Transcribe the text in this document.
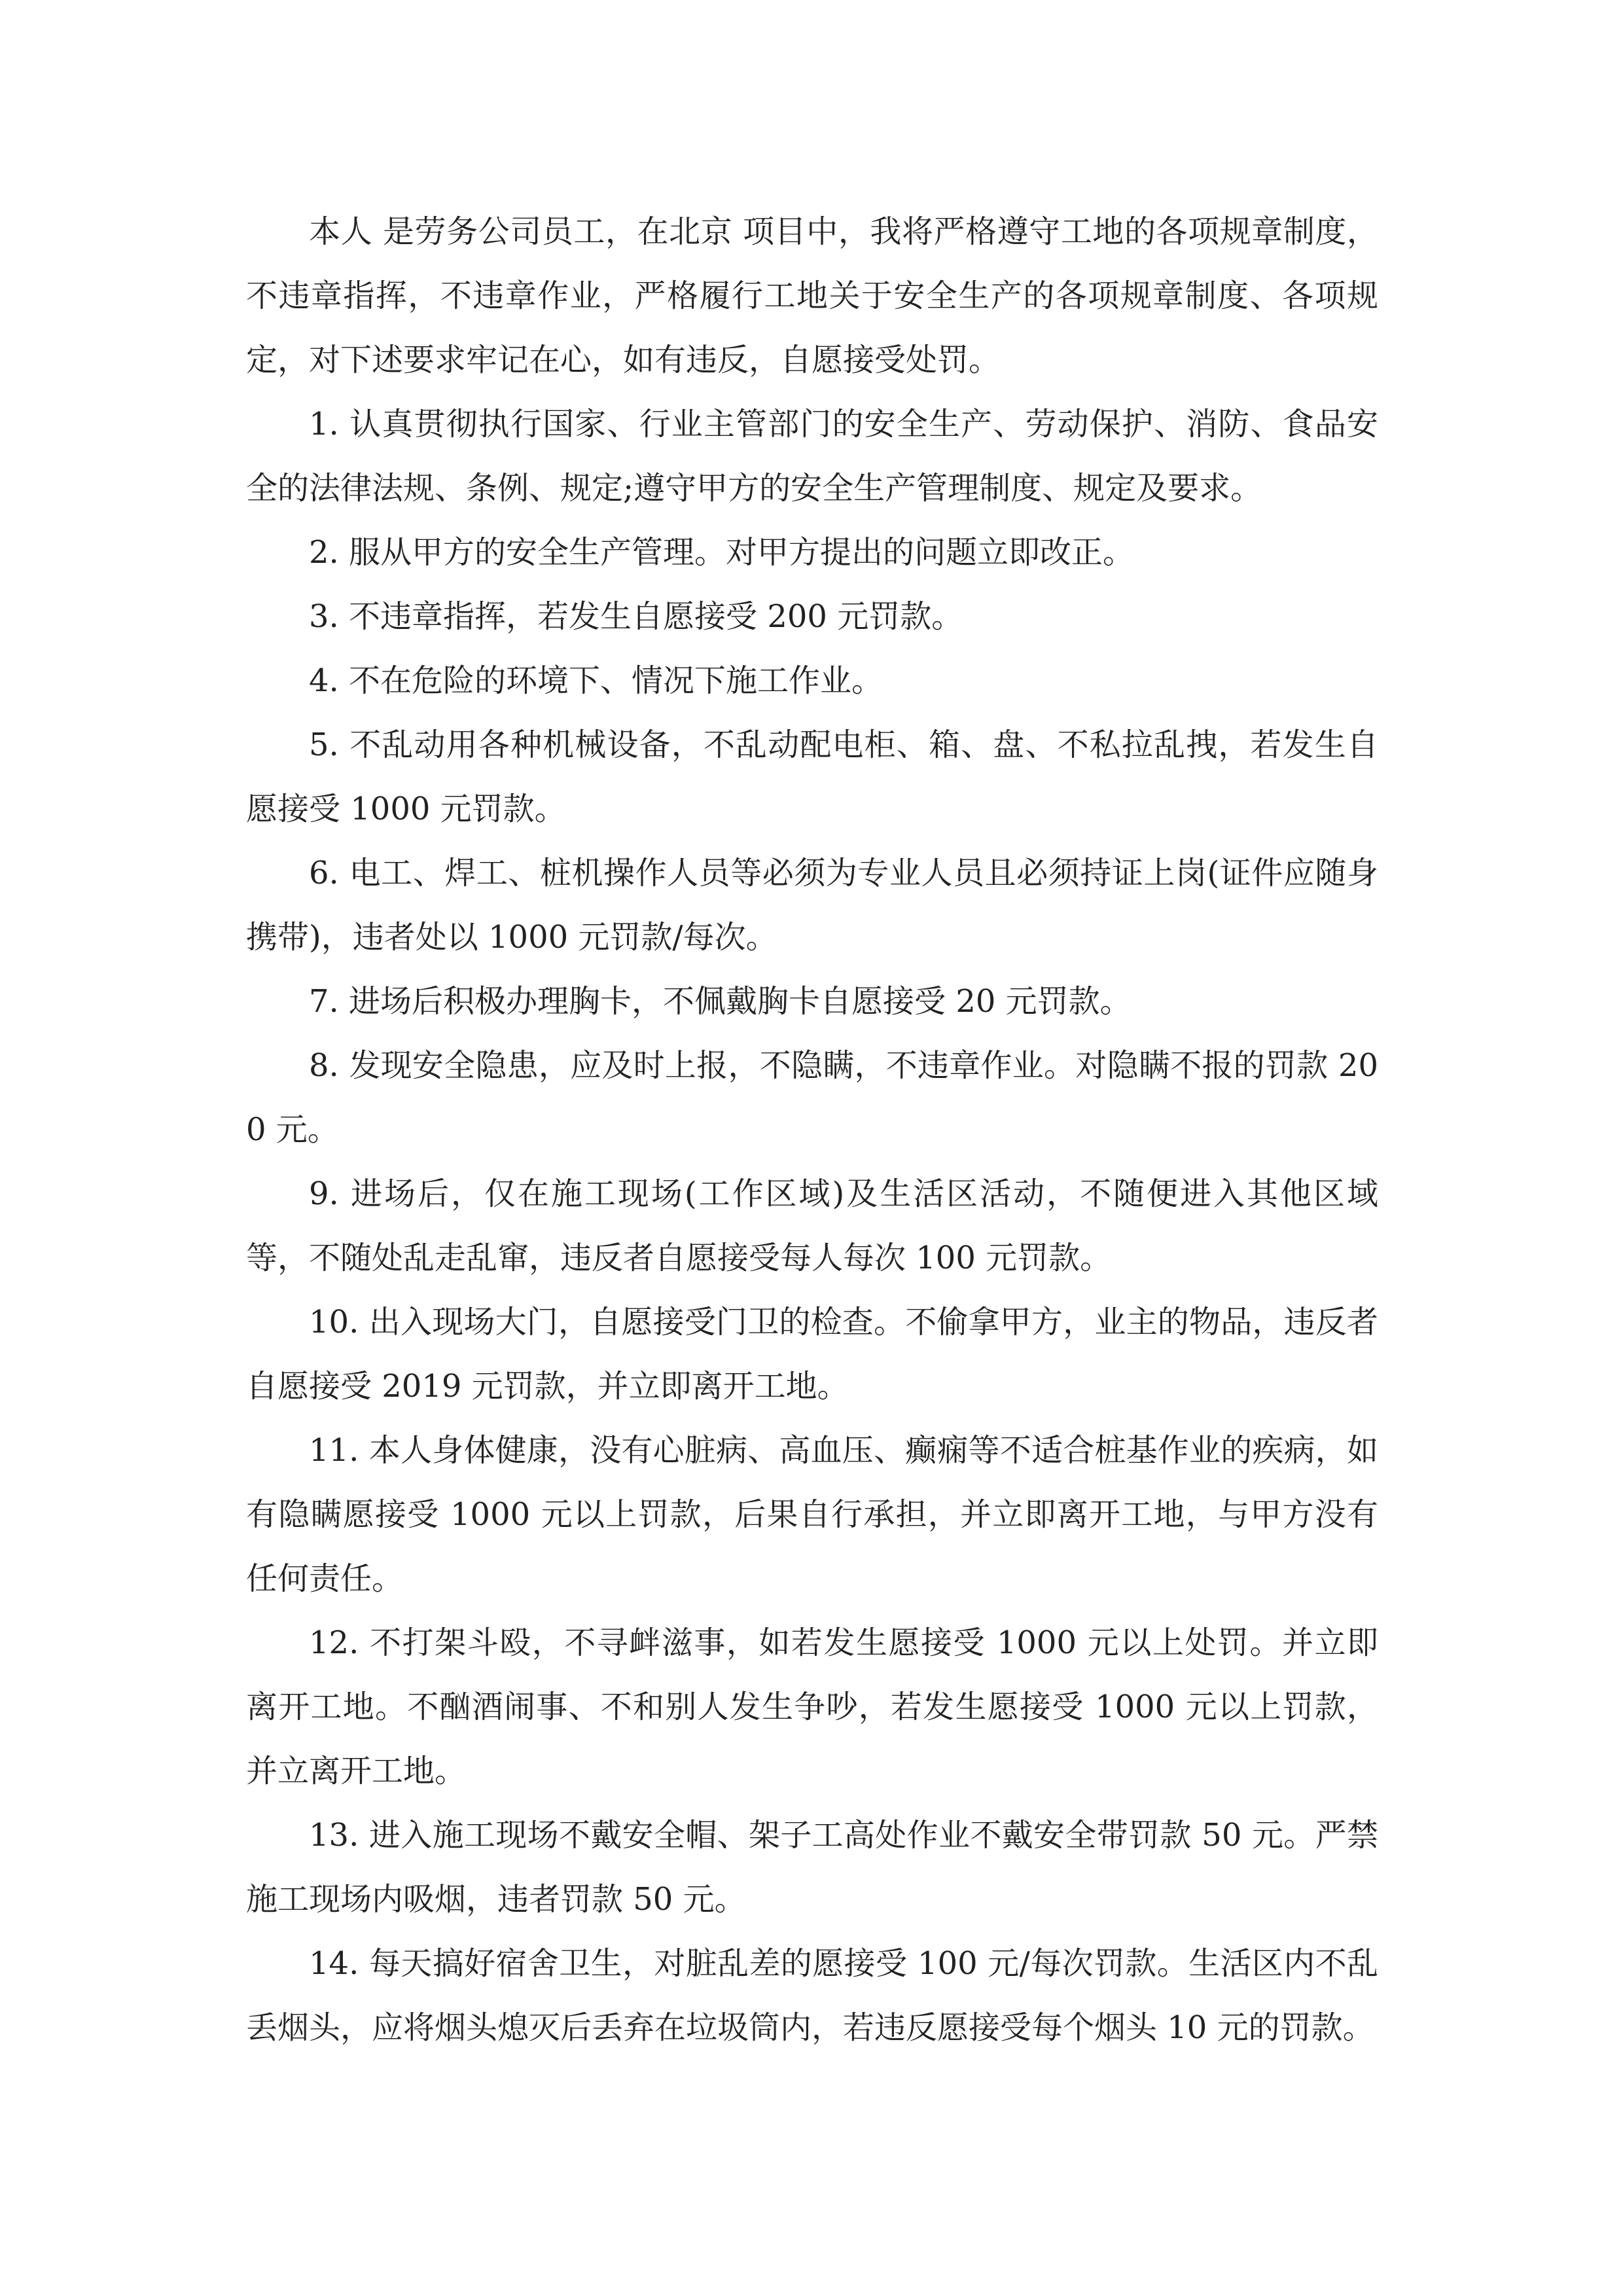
本人 是劳务公司员工，在北京 项目中，我将严格遵守工地的各项规章制度，不违章指挥，不违章作业，严格履行工地关于安全生产的各项规章制度、各项规定，对下述要求牢记在心，如有违反，自愿接受处罚。

1. 认真贯彻执行国家、行业主管部门的安全生产、劳动保护、消防、食品安全的法律法规、条例、规定;遵守甲方的安全生产管理制度、规定及要求。

2. 服从甲方的安全生产管理。对甲方提出的问题立即改正。

3. 不违章指挥，若发生自愿接受 200 元罚款。

4. 不在危险的环境下、情况下施工作业。

5. 不乱动用各种机械设备，不乱动配电柜、箱、盘、不私拉乱拽，若发生自愿接受 1000 元罚款。

6. 电工、焊工、桩机操作人员等必须为专业人员且必须持证上岗(证件应随身携带)，违者处以 1000 元罚款/每次。

7. 进场后积极办理胸卡，不佩戴胸卡自愿接受 20 元罚款。

8. 发现安全隐患，应及时上报，不隐瞒，不违章作业。对隐瞒不报的罚款 200 元。

9. 进场后，仅在施工现场(工作区域)及生活区活动，不随便进入其他区域等，不随处乱走乱窜，违反者自愿接受每人每次 100 元罚款。

10. 出入现场大门，自愿接受门卫的检查。不偷拿甲方，业主的物品，违反者自愿接受 2019 元罚款，并立即离开工地。

11. 本人身体健康，没有心脏病、高血压、癫痫等不适合桩基作业的疾病，如有隐瞒愿接受 1000 元以上罚款，后果自行承担，并立即离开工地，与甲方没有任何责任。

12. 不打架斗殴，不寻衅滋事，如若发生愿接受 1000 元以上处罚。并立即离开工地。不酗酒闹事、不和别人发生争吵，若发生愿接受 1000 元以上罚款，并立离开工地。

13. 进入施工现场不戴安全帽、架子工高处作业不戴安全带罚款 50 元。严禁施工现场内吸烟，违者罚款 50 元。

14. 每天搞好宿舍卫生，对脏乱差的愿接受 100 元/每次罚款。生活区内不乱丢烟头，应将烟头熄灭后丢弃在垃圾筒内，若违反愿接受每个烟头 10 元的罚款。
